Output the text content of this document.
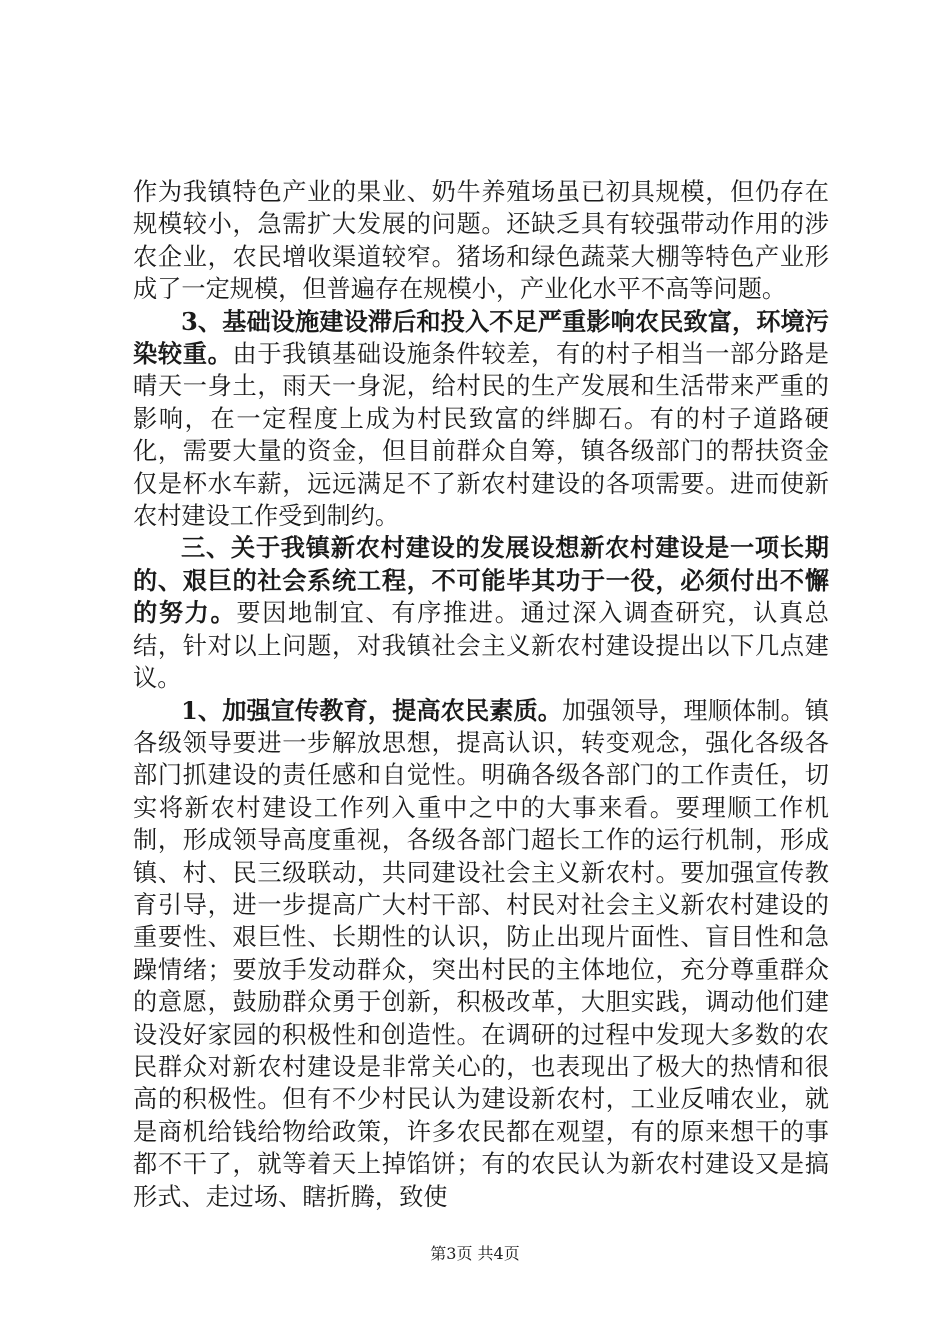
作为我镇特色产业的果业、奶牛养殖场虽已初具规模，但仍存在规模较小，急需扩大发展的问题。还缺乏具有较强带动作用的涉农企业，农民增收渠道较窄。猪场和绿色蔬菜大棚等特色产业形成了一定规模，但普遍存在规模小，产业化水平不高等问题。

3、基础设施建设滞后和投入不足严重影响农民致富，环境污染较重。由于我镇基础设施条件较差，有的村子相当一部分路是晴天一身土，雨天一身泥，给村民的生产发展和生活带来严重的影响，在一定程度上成为村民致富的绊脚石。有的村子道路硬化，需要大量的资金，但目前群众自筹，镇各级部门的帮扶资金仅是杯水车薪，远远满足不了新农村建设的各项需要。进而使新农村建设工作受到制约。

三、关于我镇新农村建设的发展设想新农村建设是一项长期的、艰巨的社会系统工程，不可能毕其功于一役，必须付出不懈的努力。要因地制宜、有序推进。通过深入调查研究，认真总结，针对以上问题，对我镇社会主义新农村建设提出以下几点建议。

1、加强宣传教育，提高农民素质。加强领导，理顺体制。镇各级领导要进一步解放思想，提高认识，转变观念，强化各级各部门抓建设的责任感和自觉性。明确各级各部门的工作责任，切实将新农村建设工作列入重中之中的大事来看。要理顺工作机制，形成领导高度重视，各级各部门超长工作的运行机制，形成镇、村、民三级联动，共同建设社会主义新农村。要加强宣传教育引导，进一步提高广大村干部、村民对社会主义新农村建设的重要性、艰巨性、长期性的认识，防止出现片面性、盲目性和急躁情绪；要放手发动群众，突出村民的主体地位，充分尊重群众的意愿，鼓励群众勇于创新，积极改革，大胆实践，调动他们建设没好家园的积极性和创造性。在调研的过程中发现大多数的农民群众对新农村建设是非常关心的，也表现出了极大的热情和很高的积极性。但有不少村民认为建设新农村，工业反哺农业，就是商机给钱给物给政策，许多农民都在观望，有的原来想干的事都不干了，就等着天上掉馅饼；有的农民认为新农村建设又是搞形式、走过场、瞎折腾，致使

第3页 共4页
